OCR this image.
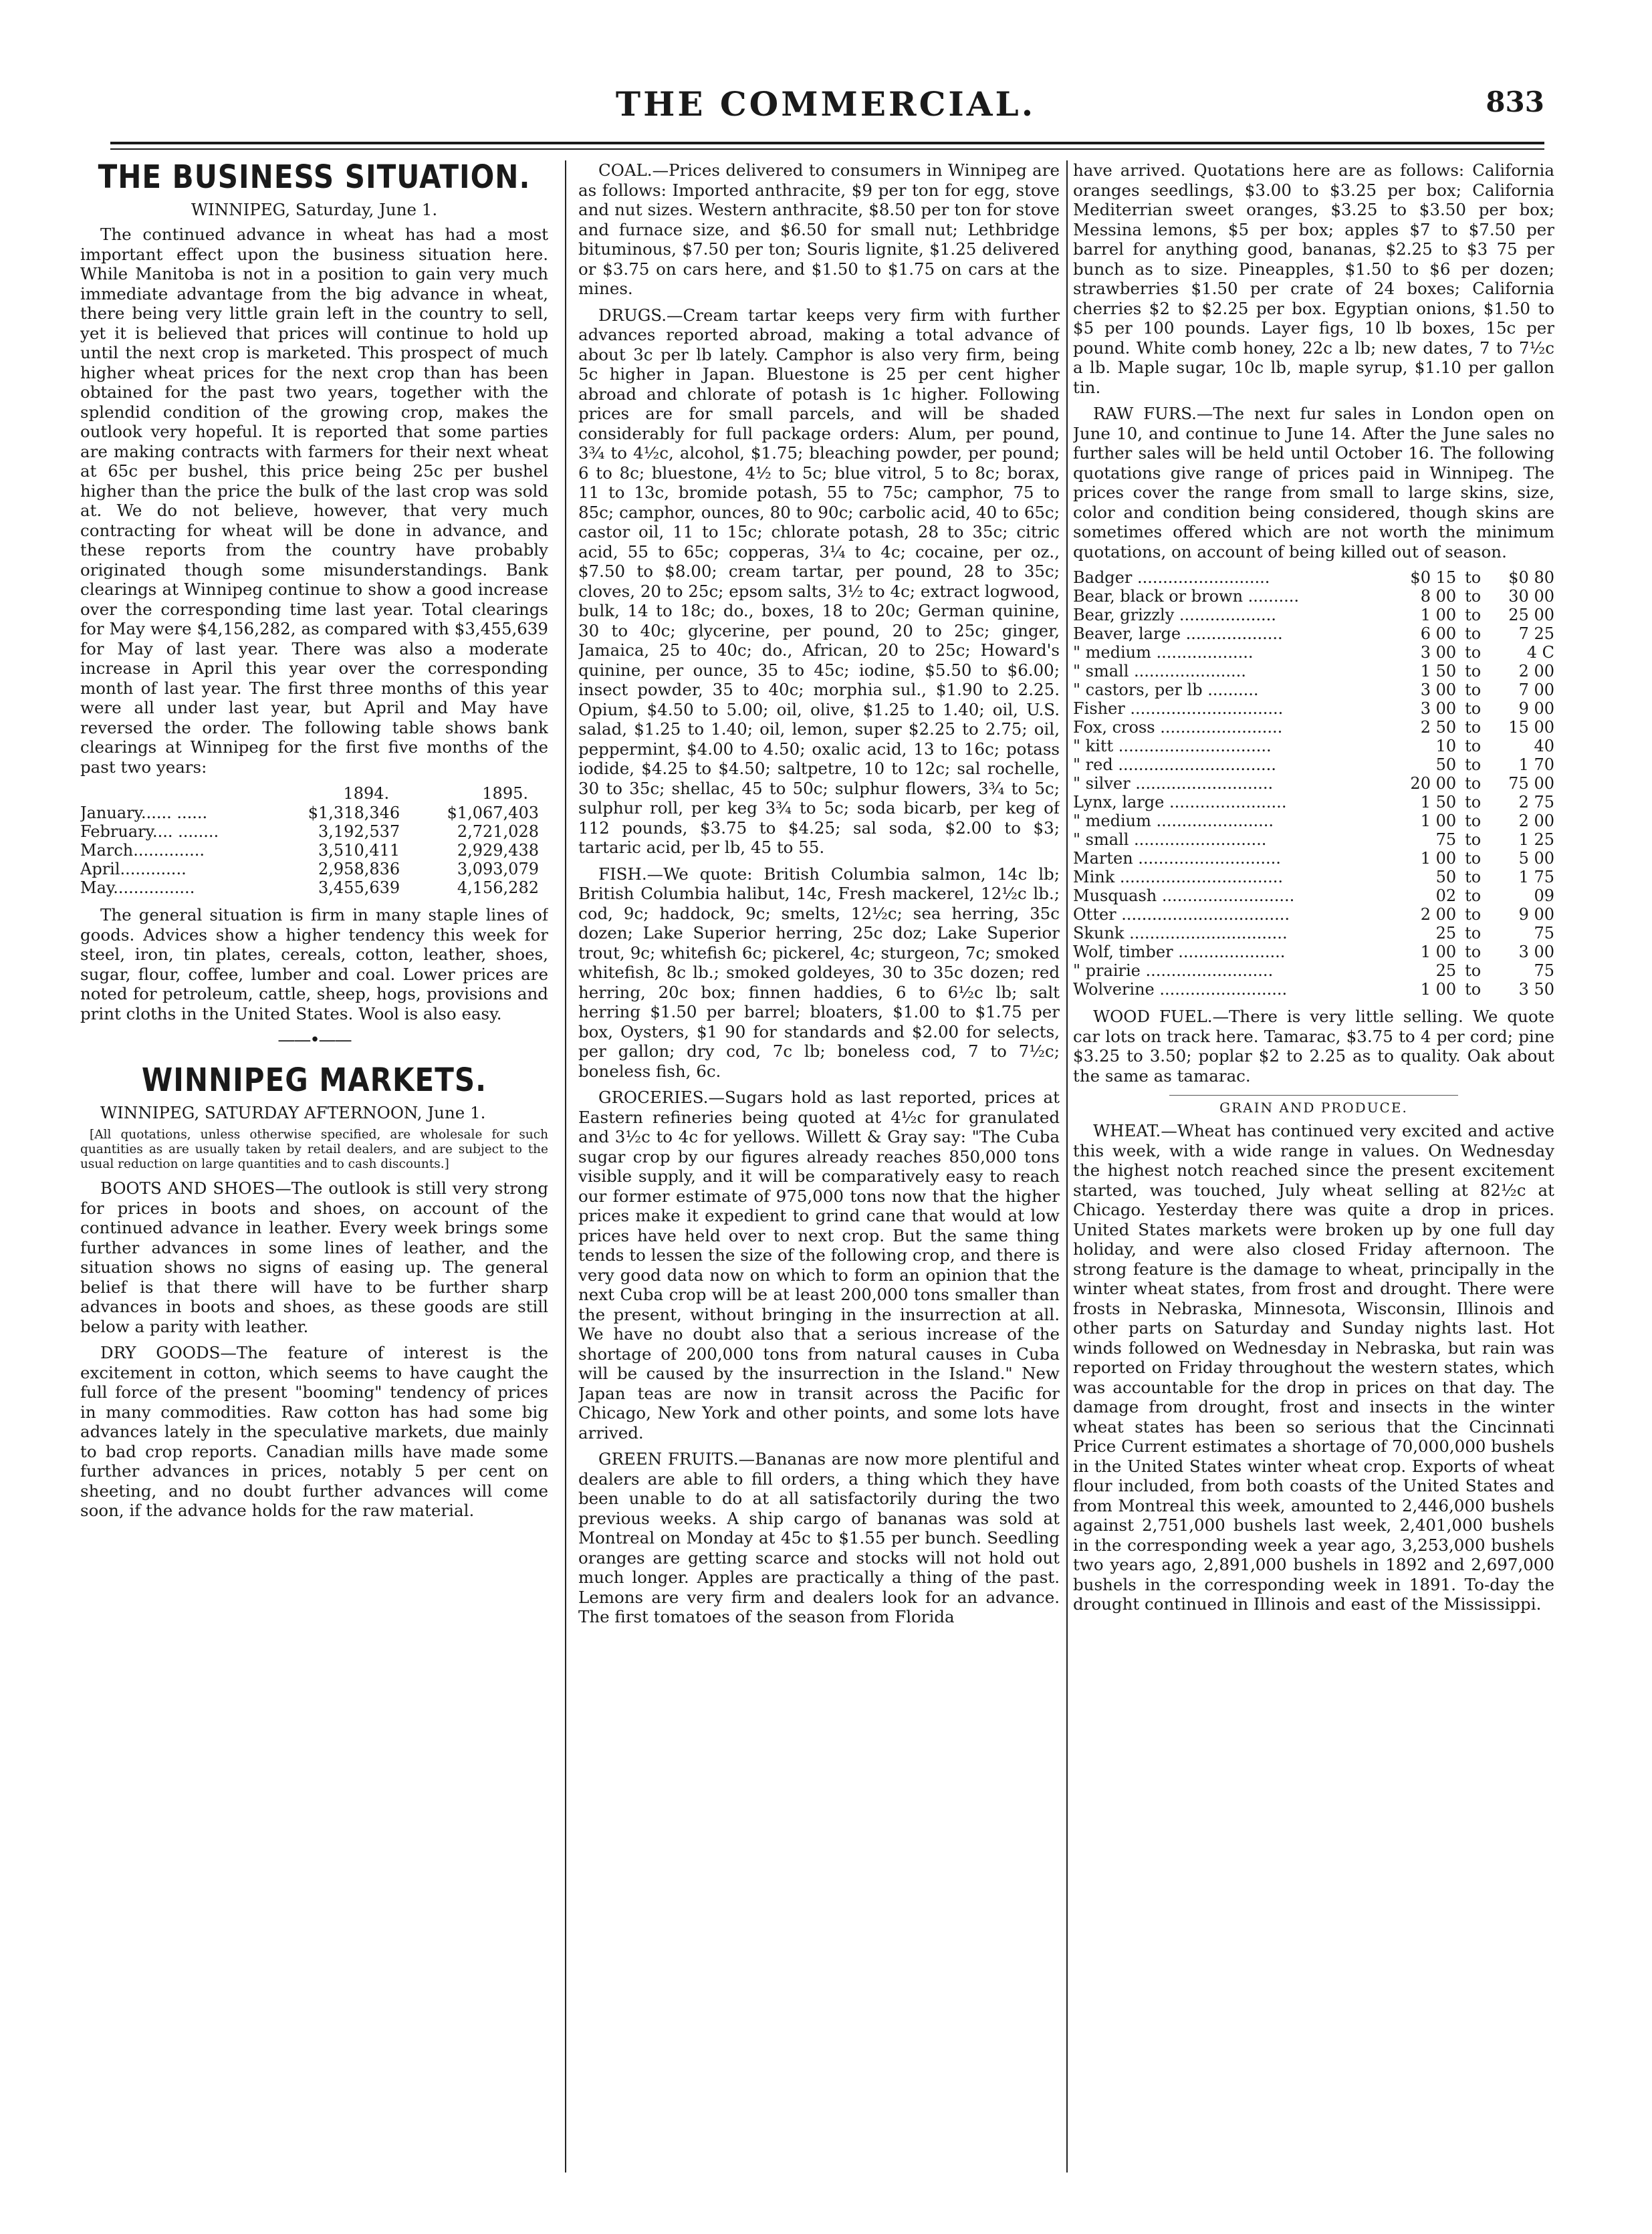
THE COMMERCIAL.	833
THE BUSINESS SITUATION.
WINNIPEG, Saturday, June 1.

The continued advance in wheat has had a most important effect upon the business situation here. While Manitoba is not in a position to gain very much immediate advantage from the big advance in wheat, there being very little grain left in the country to sell, yet it is believed that prices will continue to hold up until the next crop is marketed. This prospect of much higher wheat prices for the next crop than has been obtained for the past two years, together with the splendid condition of the growing crop, makes the outlook very hopeful. It is reported that some parties are making contracts with farmers for their next wheat at 65c per bushel, this price being 25c per bushel higher than the price the bulk of the last crop was sold at. We do not believe, however, that very much contracting for wheat will be done in advance, and these reports from the country have probably originated though some misunderstandings. Bank clearings at Winnipeg continue to show a good increase over the corresponding time last year. Total clearings for May were $4,156,282, as compared with $3,455,639 for May of last year. There was also a moderate increase in April this year over the corresponding month of last year. The first three months of this year were all under last year, but April and May have reversed the order. The following table shows bank clearings at Winnipeg for the first five months of the past two years:

	1894.	1895.
January...... ......	$1,318,346	$1,067,403
February.... ........	3,192,537	2,721,028
March..............	3,510,411	2,929,438
April.............	2,958,836	3,093,079
May................	3,455,639	4,156,282

The general situation is firm in many staple lines of goods. Advices show a higher tendency this week for steel, iron, tin plates, cereals, cotton, leather, shoes, sugar, flour, coffee, lumber and coal. Lower prices are noted for petroleum, cattle, sheep, hogs, provisions and print cloths in the United States. Wool is also easy.

——•——
WINNIPEG MARKETS.
WINNIPEG, SATURDAY AFTERNOON, June 1.

[All quotations, unless otherwise specified, are wholesale for such quantities as are usually taken by retail dealers, and are subject to the usual reduction on large quantities and to cash discounts.]

BOOTS AND SHOES—The outlook is still very strong for prices in boots and shoes, on account of the continued advance in leather. Every week brings some further advances in some lines of leather, and the situation shows no signs of easing up. The general belief is that there will have to be further sharp advances in boots and shoes, as these goods are still below a parity with leather.

DRY GOODS—The feature of interest is the excitement in cotton, which seems to have caught the full force of the present "booming" tendency of prices in many commodities. Raw cotton has had some big advances lately in the speculative markets, due mainly to bad crop reports. Canadian mills have made some further advances in prices, notably 5 per cent on sheeting, and no doubt further advances will come soon, if the advance holds for the raw material.

COAL.—Prices delivered to consumers in Winnipeg are as follows: Imported anthracite, $9 per ton for egg, stove and nut sizes. Western anthracite, $8.50 per ton for stove and furnace size, and $6.50 for small nut; Lethbridge bituminous, $7.50 per ton; Souris lignite, $1.25 delivered or $3.75 on cars here, and $1.50 to $1.75 on cars at the mines.

DRUGS.—Cream tartar keeps very firm with further advances reported abroad, making a total advance of about 3c per lb lately. Camphor is also very firm, being 5c higher in Japan. Bluestone is 25 per cent higher abroad and chlorate of potash is 1c higher. Following prices are for small parcels, and will be shaded considerably for full package orders: Alum, per pound, 3¾ to 4½c, alcohol, $1.75; bleaching powder, per pound; 6 to 8c; bluestone, 4½ to 5c; blue vitrol, 5 to 8c; borax, 11 to 13c, bromide potash, 55 to 75c; camphor, 75 to 85c; camphor, ounces, 80 to 90c; carbolic acid, 40 to 65c; castor oil, 11 to 15c; chlorate potash, 28 to 35c; citric acid, 55 to 65c; copperas, 3¼ to 4c; cocaine, per oz., $7.50 to $8.00; cream tartar, per pound, 28 to 35c; cloves, 20 to 25c; epsom salts, 3½ to 4c; extract logwood, bulk, 14 to 18c; do., boxes, 18 to 20c; German quinine, 30 to 40c; glycerine, per pound, 20 to 25c; ginger, Jamaica, 25 to 40c; do., African, 20 to 25c; Howard's quinine, per ounce, 35 to 45c; iodine, $5.50 to $6.00; insect powder, 35 to 40c; morphia sul., $1.90 to 2.25. Opium, $4.50 to 5.00; oil, olive, $1.25 to 1.40; oil, U.S. salad, $1.25 to 1.40; oil, lemon, super $2.25 to 2.75; oil, peppermint, $4.00 to 4.50; oxalic acid, 13 to 16c; potass iodide, $4.25 to $4.50; saltpetre, 10 to 12c; sal rochelle, 30 to 35c; shellac, 45 to 50c; sulphur flowers, 3¾ to 5c; sulphur roll, per keg 3¾ to 5c; soda bicarb, per keg of 112 pounds, $3.75 to $4.25; sal soda, $2.00 to $3; tartaric acid, per lb, 45 to 55.

FISH.—We quote: British Columbia salmon, 14c lb; British Columbia halibut, 14c, Fresh mackerel, 12½c lb.; cod, 9c; haddock, 9c; smelts, 12½c; sea herring, 35c dozen; Lake Superior herring, 25c doz; Lake Superior trout, 9c; whitefish 6c; pickerel, 4c; sturgeon, 7c; smoked whitefish, 8c lb.; smoked goldeyes, 30 to 35c dozen; red herring, 20c box; finnen haddies, 6 to 6½c lb; salt herring $1.50 per barrel; bloaters, $1.00 to $1.75 per box, Oysters, $1 90 for standards and $2.00 for selects, per gallon; dry cod, 7c lb; boneless cod, 7 to 7½c; boneless fish, 6c.

GROCERIES.—Sugars hold as last reported, prices at Eastern refineries being quoted at 4½c for granulated and 3½c to 4c for yellows. Willett & Gray say: "The Cuba sugar crop by our figures already reaches 850,000 tons visible supply, and it will be comparatively easy to reach our former estimate of 975,000 tons now that the higher prices make it expedient to grind cane that would at low prices have held over to next crop. But the same thing tends to lessen the size of the following crop, and there is very good data now on which to form an opinion that the next Cuba crop will be at least 200,000 tons smaller than the present, without bringing in the insurrection at all. We have no doubt also that a serious increase of the shortage of 200,000 tons from natural causes in Cuba will be caused by the insurrection in the Island." New Japan teas are now in transit across the Pacific for Chicago, New York and other points, and some lots have arrived.

GREEN FRUITS.—Bananas are now more plentiful and dealers are able to fill orders, a thing which they have been unable to do at all satisfactorily during the two previous weeks. A ship cargo of bananas was sold at Montreal on Monday at 45c to $1.55 per bunch. Seedling oranges are getting scarce and stocks will not hold out much longer. Apples are practically a thing of the past. Lemons are very firm and dealers look for an advance. The first tomatoes of the season from Florida

have arrived. Quotations here are as follows: California oranges seedlings, $3.00 to $3.25 per box; California Mediterrian sweet oranges, $3.25 to $3.50 per box; Messina lemons, $5 per box; apples $7 to $7.50 per barrel for anything good, bananas, $2.25 to $3 75 per bunch as to size. Pineapples, $1.50 to $6 per dozen; strawberries $1.50 per crate of 24 boxes; California cherries $2 to $2.25 per box. Egyptian onions, $1.50 to $5 per 100 pounds. Layer figs, 10 lb boxes, 15c per pound. White comb honey, 22c a lb; new dates, 7 to 7½c a lb. Maple sugar, 10c lb, maple syrup, $1.10 per gallon tin.

RAW FURS.—The next fur sales in London open on June 10, and continue to June 14. After the June sales no further sales will be held until October 16. The following quotations give range of prices paid in Winnipeg. The prices cover the range from small to large skins, size, color and condition being considered, though skins are sometimes offered which are not worth the minimum quotations, on account of being killed out of season.

Badger ..........................	$0 15	to	$0 80
Bear, black or brown ..........	8 00	to	30 00
Bear, grizzly ...................	1 00	to	25 00
Beaver, large ...................	6 00	to	7 25
" medium ...................	3 00	to	4 C
" small ......................	1 50	to	2 00
" castors, per lb ..........	3 00	to	7 00
Fisher ..............................	3 00	to	9 00
Fox, cross ........................	2 50	to	15 00
" kitt ..............................	10	to	40
" red ...............................	50	to	1 70
" silver ...........................	20 00	to	75 00
Lynx, large .......................	1 50	to	2 75
" medium .......................	1 00	to	2 00
" small ..........................	75	to	1 25
Marten ............................	1 00	to	5 00
Mink ................................	50	to	1 75
Musquash ..........................	02	to	09
Otter .................................	2 00	to	9 00
Skunk ...............................	25	to	75
Wolf, timber .....................	1 00	to	3 00
" prairie .........................	25	to	75
Wolverine .........................	1 00	to	3 50

WOOD FUEL.—There is very little selling. We quote car lots on track here. Tamarac, $3.75 to 4 per cord; pine $3.25 to 3.50; poplar $2 to 2.25 as to quality. Oak about the same as tamarac.

GRAIN AND PRODUCE.

WHEAT.—Wheat has continued very excited and active this week, with a wide range in values. On Wednesday the highest notch reached since the present excitement started, was touched, July wheat selling at 82½c at Chicago. Yesterday there was quite a drop in prices. United States markets were broken up by one full day holiday, and were also closed Friday afternoon. The strong feature is the damage to wheat, principally in the winter wheat states, from frost and drought. There were frosts in Nebraska, Minnesota, Wisconsin, Illinois and other parts on Saturday and Sunday nights last. Hot winds followed on Wednesday in Nebraska, but rain was reported on Friday throughout the western states, which was accountable for the drop in prices on that day. The damage from drought, frost and insects in the winter wheat states has been so serious that the Cincinnati Price Current estimates a shortage of 70,000,000 bushels in the United States winter wheat crop. Exports of wheat flour included, from both coasts of the United States and from Montreal this week, amounted to 2,446,000 bushels against 2,751,000 bushels last week, 2,401,000 bushels in the corresponding week a year ago, 3,253,000 bushels two years ago, 2,891,000 bushels in 1892 and 2,697,000 bushels in the corresponding week in 1891. To-day the drought continued in Illinois and east of the Mississippi.
